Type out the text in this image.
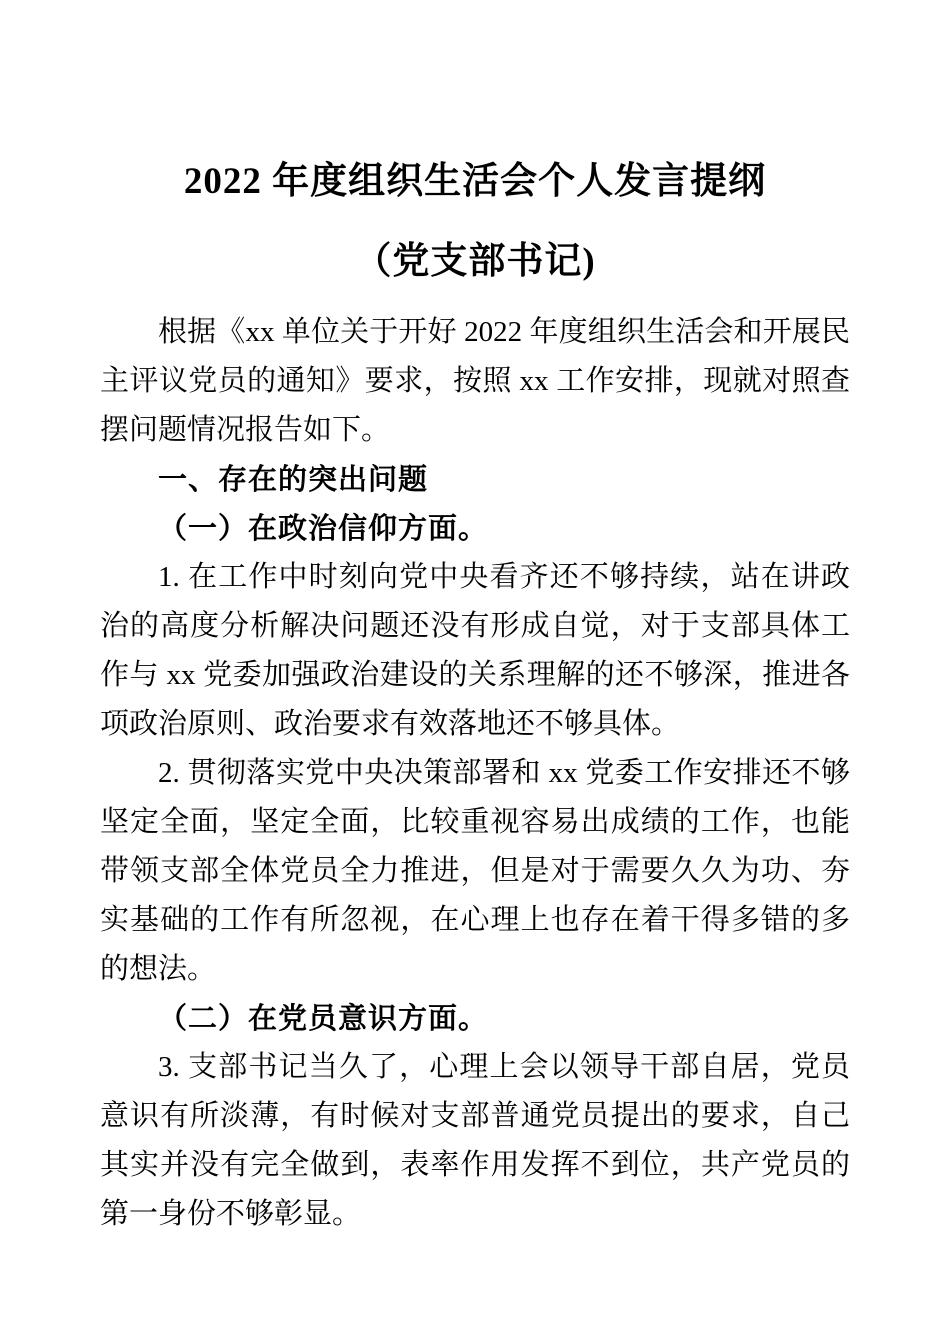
2022 年度组织生活会个人发言提纲
（党支部书记)

根据《xx 单位关于开好 2022 年度组织生活会和开展民主评议党员的通知》要求，按照 xx 工作安排，现就对照查摆问题情况报告如下。

一、存在的突出问题

（一）在政治信仰方面。

1. 在工作中时刻向党中央看齐还不够持续，站在讲政治的高度分析解决问题还没有形成自觉，对于支部具体工作与 xx 党委加强政治建设的关系理解的还不够深，推进各项政治原则、政治要求有效落地还不够具体。

2. 贯彻落实党中央决策部署和 xx 党委工作安排还不够坚定全面，坚定全面，比较重视容易出成绩的工作，也能带领支部全体党员全力推进，但是对于需要久久为功、夯实基础的工作有所忽视，在心理上也存在着干得多错的多的想法。

（二）在党员意识方面。

3. 支部书记当久了，心理上会以领导干部自居，党员意识有所淡薄，有时候对支部普通党员提出的要求，自己其实并没有完全做到，表率作用发挥不到位，共产党员的第一身份不够彰显。
